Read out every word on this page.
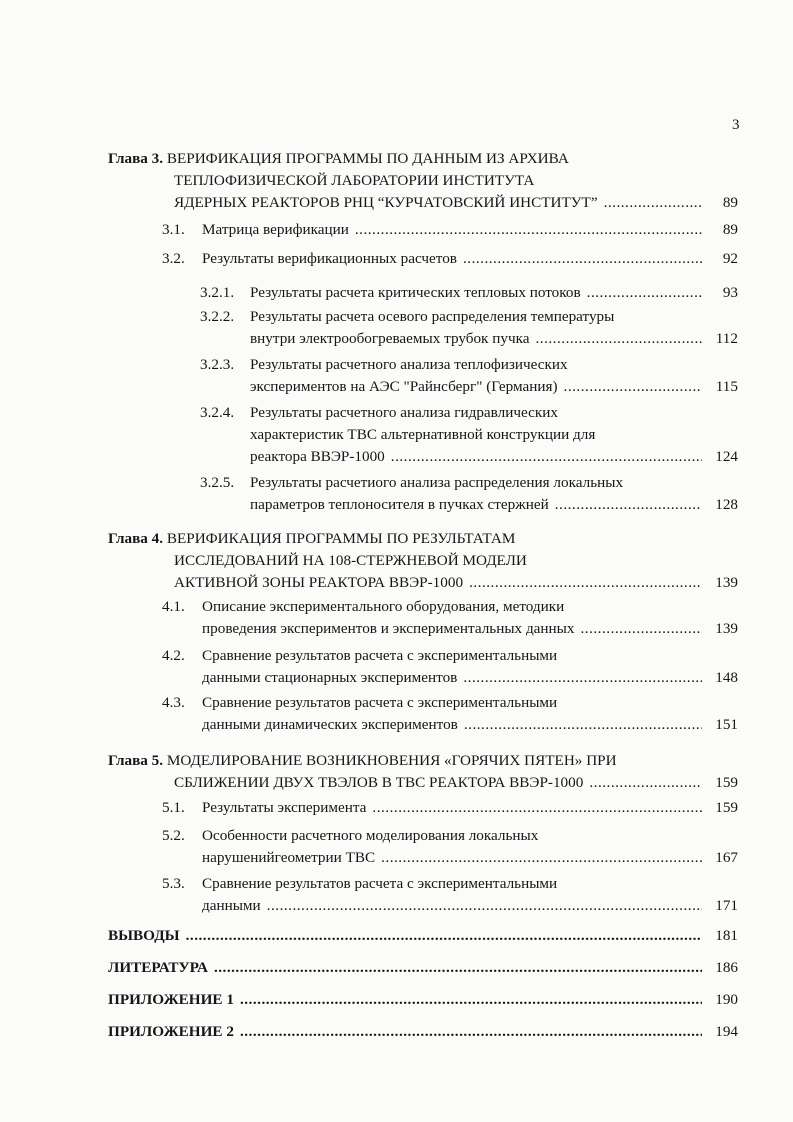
3
Глава 3. ВЕРИФИКАЦИЯ ПРОГРАММЫ ПО ДАННЫМ ИЗ АРХИВА
ТЕПЛОФИЗИЧЕСКОЙ ЛАБОРАТОРИИ ИНСТИТУТА
ЯДЕРНЫХ РЕАКТОРОВ РНЦ “КУРЧАТОВСКИЙ ИНСТИТУТ” .....	89
3.1. Матрица верификации .....	89
3.2. Результаты верификационных расчетов .....	92
3.2.1. Результаты расчета критических тепловых потоков .....	93
3.2.2.	Результаты расчета осевого распределения температуры
внутри электрообогреваемых трубок пучка .....	112
3.2.3.	Результаты расчетного анализа теплофизических
экспериментов на АЭС "Райнсберг" (Германия) .....	115
3.2.4.	Результаты расчетного анализа гидравлических
характеристик ТВС альтернативной конструкции для
реактора ВВЭР-1000 .....	124
3.2.5.	Результаты расчетиого анализа распределения локальных
параметров теплоносителя в пучках стержней .....	128
Глава 4. ВЕРИФИКАЦИЯ ПРОГРАММЫ ПО РЕЗУЛЬТАТАМ
ИССЛЕДОВАНИЙ НА 108-СТЕРЖНЕВОЙ МОДЕЛИ
АКТИВНОЙ ЗОНЫ РЕАКТОРА ВВЭР-1000 .....	139
4.1.	Описание экспериментального оборудования, методики
проведения экспериментов и экспериментальных данных .....	139
4.2.	Сравнение результатов расчета с экспериментальными
данными стационарных экспериментов .....	148
4.3.	Сравнение результатов расчета с экспериментальными
данными динамических экспериментов .....	151
Глава 5. МОДЕЛИРОВАНИЕ ВОЗНИКНОВЕНИЯ «ГОРЯЧИХ ПЯТЕН» ПРИ
СБЛИЖЕНИИ ДВУХ ТВЭЛОВ В ТВС РЕАКТОРА ВВЭР-1000 .....	159
5.1. Результаты эксперимента .....	159
5.2.	Особенности расчетного моделирования локальных
нарушенийгеометрии ТВС .....	167
5.3.	Сравнение результатов расчета с экспериментальными
данными .....	171
ВЫВОДЫ .....	181
ЛИТЕРАТУРА .....	186
ПРИЛОЖЕНИЕ 1 .....	190
ПРИЛОЖЕНИЕ 2 .....	194
